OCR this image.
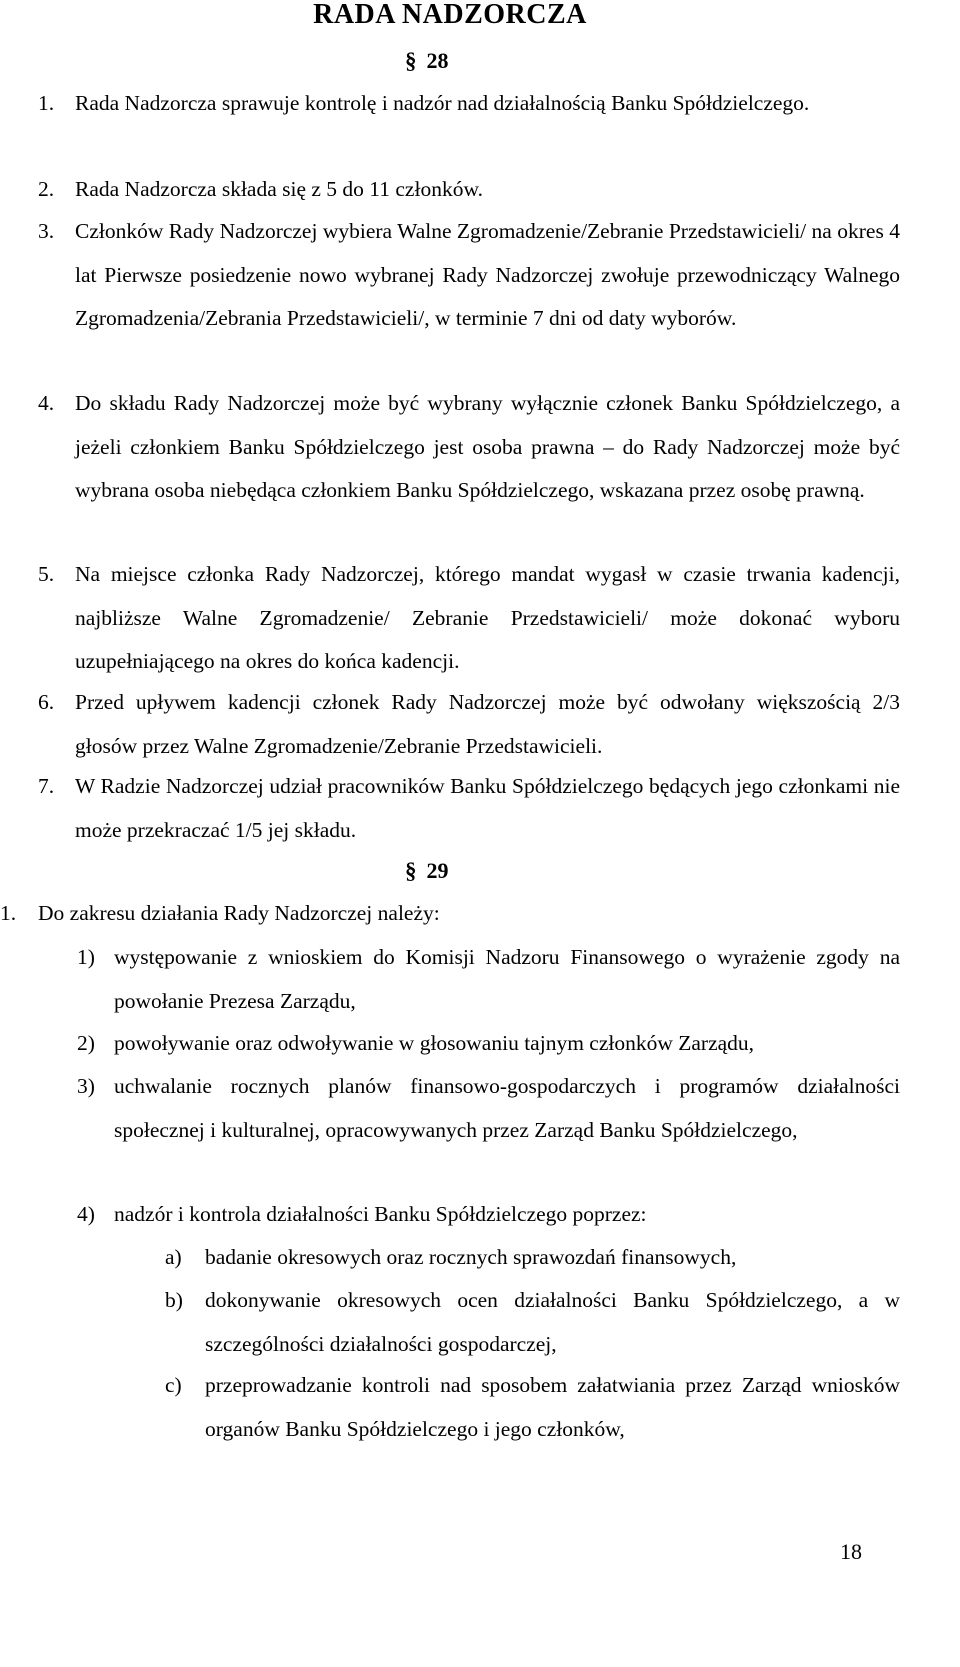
RADA NADZORCZA
§ 28
1. Rada Nadzorcza sprawuje kontrolę i nadzór nad działalnością Banku Spółdzielczego.
2. Rada Nadzorcza składa się z 5 do 11 członków.
3. Członków Rady Nadzorczej wybiera Walne Zgromadzenie/Zebranie Przedstawicieli/ na okres 4 lat Pierwsze posiedzenie nowo wybranej Rady Nadzorczej zwołuje przewodniczący Walnego Zgromadzenia/Zebrania Przedstawicieli/, w terminie 7 dni od daty wyborów.
4. Do składu Rady Nadzorczej może być wybrany wyłącznie członek Banku Spółdzielczego, a jeżeli członkiem Banku Spółdzielczego jest osoba prawna – do Rady Nadzorczej może być wybrana osoba niebędąca członkiem Banku Spółdzielczego, wskazana przez osobę prawną.
5. Na miejsce członka Rady Nadzorczej, którego mandat wygasł w czasie trwania kadencji, najbliższe Walne Zgromadzenie/ Zebranie Przedstawicieli/ może dokonać wyboru uzupełniającego na okres do końca kadencji.
6. Przed upływem kadencji członek Rady Nadzorczej może być odwołany większością 2/3 głosów przez Walne Zgromadzenie/Zebranie Przedstawicieli.
7. W Radzie Nadzorczej udział pracowników Banku Spółdzielczego będących jego członkami nie może przekraczać 1/5 jej składu.
§ 29
1. Do zakresu działania Rady Nadzorczej należy:
1) występowanie z wnioskiem do Komisji Nadzoru Finansowego o wyrażenie zgody na powołanie Prezesa Zarządu,
2) powoływanie oraz odwoływanie w głosowaniu tajnym członków Zarządu,
3) uchwalanie rocznych planów finansowo-gospodarczych i programów działalności społecznej i kulturalnej, opracowywanych przez Zarząd Banku Spółdzielczego,
4) nadzór i kontrola działalności Banku Spółdzielczego poprzez:
a) badanie okresowych oraz rocznych sprawozdań finansowych,
b) dokonywanie okresowych ocen działalności Banku Spółdzielczego, a w szczególności działalności gospodarczej,
c) przeprowadzanie kontroli nad sposobem załatwiania przez Zarząd wniosków organów Banku Spółdzielczego i jego członków,
18
